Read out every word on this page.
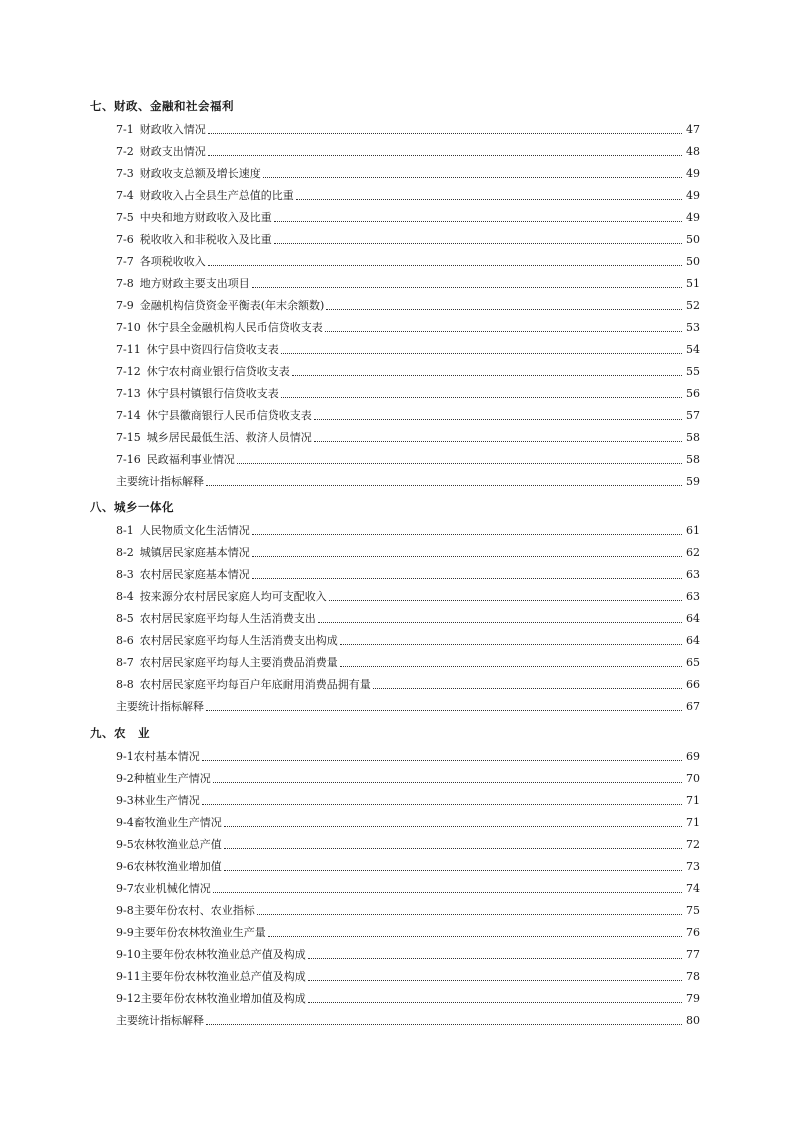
七、财政、金融和社会福利
7-1 财政收入情况	47
7-2 财政支出情况	48
7-3 财政收支总额及增长速度	49
7-4 财政收入占全县生产总值的比重	49
7-5 中央和地方财政收入及比重	49
7-6 税收收入和非税收入及比重	50
7-7 各项税收收入	50
7-8 地方财政主要支出项目	51
7-9 金融机构信贷资金平衡表(年末余额数)	52
7-10 休宁县全金融机构人民币信贷收支表	53
7-11 休宁县中资四行信贷收支表	54
7-12 休宁农村商业银行信贷收支表	55
7-13 休宁县村镇银行信贷收支表	56
7-14 休宁县徽商银行人民币信贷收支表	57
7-15 城乡居民最低生活、救济人员情况	58
7-16 民政福利事业情况	58
主要统计指标解释	59
八、城乡一体化
8-1 人民物质文化生活情况	61
8-2 城镇居民家庭基本情况	62
8-3 农村居民家庭基本情况	63
8-4 按来源分农村居民家庭人均可支配收入	63
8-5 农村居民家庭平均每人生活消费支出	64
8-6 农村居民家庭平均每人生活消费支出构成	64
8-7 农村居民家庭平均每人主要消费品消费量	65
8-8 农村居民家庭平均每百户年底耐用消费品拥有量	66
主要统计指标解释	67
九、农　业
9-1 农村基本情况	69
9-2 种植业生产情况	70
9-3 林业生产情况	71
9-4 畜牧渔业生产情况	71
9-5 农林牧渔业总产值	72
9-6 农林牧渔业增加值	73
9-7 农业机械化情况	74
9-8 主要年份农村、农业指标	75
9-9 主要年份农林牧渔业生产量	76
9-10 主要年份农林牧渔业总产值及构成	77
9-11 主要年份农林牧渔业总产值及构成	78
9-12 主要年份农林牧渔业增加值及构成	79
主要统计指标解释	80
